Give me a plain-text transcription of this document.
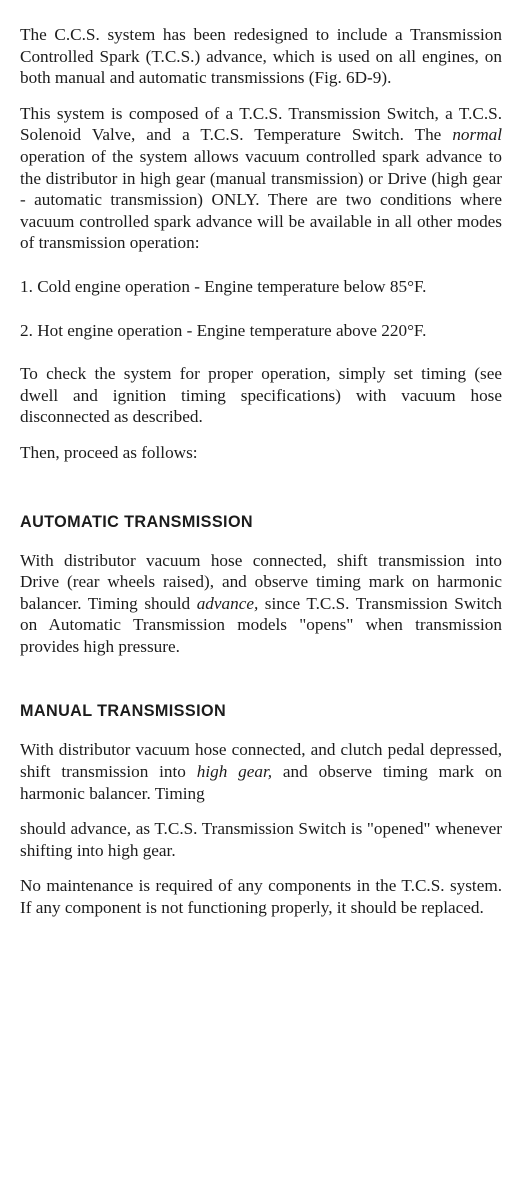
The C.C.S. system has been redesigned to include a Transmission Controlled Spark (T.C.S.) advance, which is used on all engines, on both manual and automatic transmissions (Fig. 6D-9).

This system is composed of a T.C.S. Transmission Switch, a T.C.S. Solenoid Valve, and a T.C.S. Temperature Switch. The normal operation of the system allows vacuum controlled spark advance to the distributor in high gear (manual transmission) or Drive (high gear - automatic transmission) ONLY. There are two conditions where vacuum controlled spark advance will be available in all other modes of transmission operation:

1. Cold engine operation - Engine temperature below 85°F.

2. Hot engine operation - Engine temperature above 220°F.

To check the system for proper operation, simply set timing (see dwell and ignition timing specifications) with vacuum hose disconnected as described.

Then, proceed as follows:

AUTOMATIC TRANSMISSION

With distributor vacuum hose connected, shift transmission into Drive (rear wheels raised), and observe timing mark on harmonic balancer. Timing should advance, since T.C.S. Transmission Switch on Automatic Transmission models "opens" when transmission provides high pressure.

MANUAL TRANSMISSION

With distributor vacuum hose connected, and clutch pedal depressed, shift transmission into high gear, and observe timing mark on harmonic balancer. Timing

should advance, as T.C.S. Transmission Switch is "opened" whenever shifting into high gear.

No maintenance is required of any components in the T.C.S. system. If any component is not functioning properly, it should be replaced.
